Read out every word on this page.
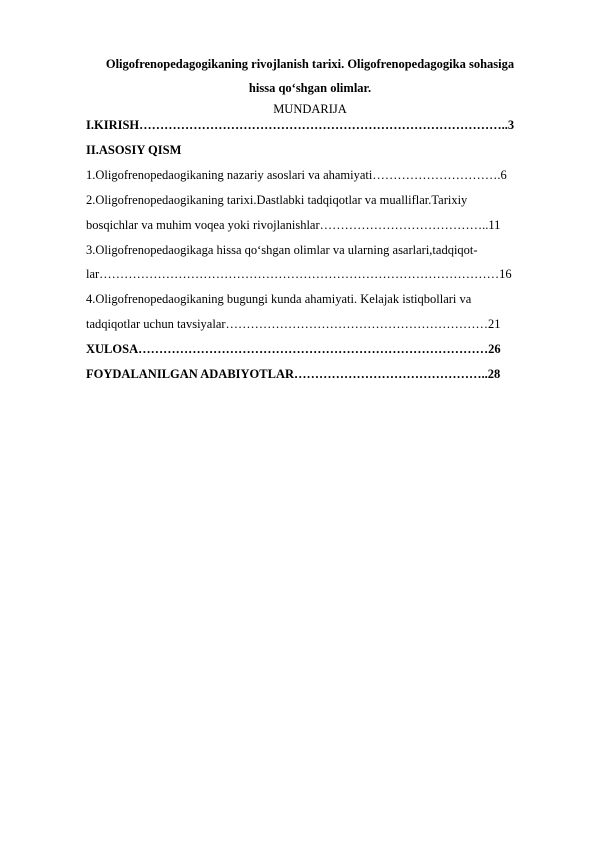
Oligofrenopedagogikaning rivojlanish tarixi. Oligofrenopedagogika sohasiga
hissa qo‘shgan olimlar.
MUNDARIJA
I.KIRISH……………………………………………………………………………..3
II.ASOSIY QISM
1.Oligofrenopedaogikaning nazariy asoslari va ahamiyati………………………….6
2.Oligofrenopedaogikaning tarixi.Dastlabki tadqiqotlar va mualliflar.Tarixiy
bosqichlar va muhim voqea yoki rivojlanishlar…………………………………..11
3.Oligofrenopedaogikaga hissa qo‘shgan olimlar va ularning asarlari,tadqiqot-
lar……………………………………………………………………………………16
4.Oligofrenopedaogikaning bugungi kunda ahamiyati. Kelajak istiqbollari va
tadqiqotlar uchun tavsiyalar………………………………………………………21
XULOSA…………………………………………………………………………26
FOYDALANILGAN ADABIYOTLAR………………………………………..28
